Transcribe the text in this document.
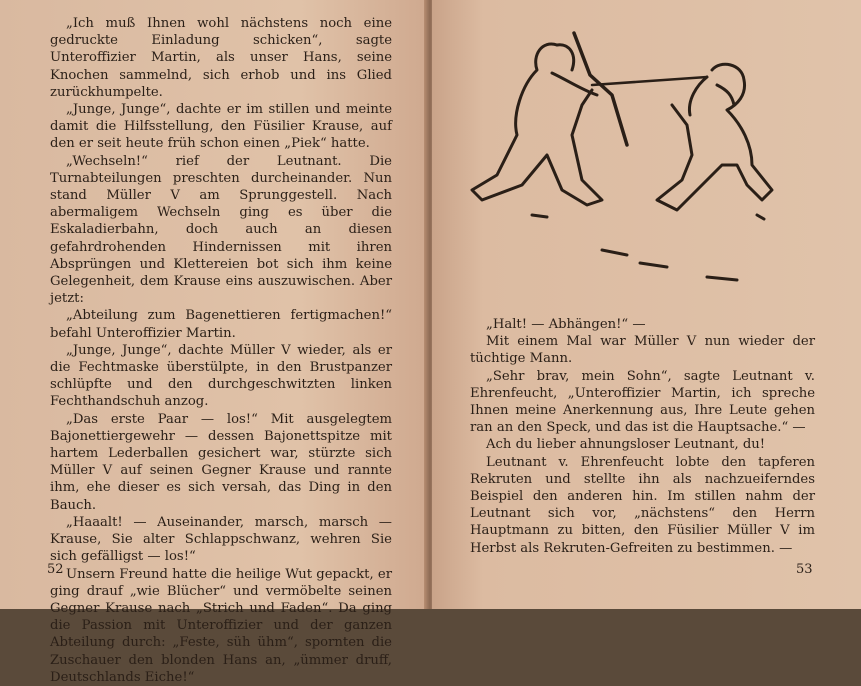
„Ich muß Ihnen wohl nächstens noch eine gedruckte Einladung schicken“, sagte Unteroffizier Martin, als unser Hans, seine Knochen sammelnd, sich erhob und ins Glied zurückhumpelte.

„Junge, Junge“, dachte er im stillen und meinte damit die Hilfsstellung, den Füsilier Krause, auf den er seit heute früh schon einen „Piek“ hatte.

„Wechseln!“ rief der Leutnant. Die Turnabteilungen preschten durcheinander. Nun stand Müller V am Sprunggestell. Nach abermaligem Wechseln ging es über die Eskaladierbahn, doch auch an diesen gefahrdrohenden Hindernissen mit ihren Absprüngen und Klettereien bot sich ihm keine Gelegenheit, dem Krause eins auszuwischen. Aber jetzt:

„Abteilung zum Bagenettieren fertigmachen!“ befahl Unteroffizier Martin.

„Junge, Junge“, dachte Müller V wieder, als er die Fechtmaske überstülpte, in den Brustpanzer schlüpfte und den durchgeschwitzten linken Fechthandschuh anzog.

„Das erste Paar — los!“ Mit ausgelegtem Bajonettiergewehr — dessen Bajonettspitze mit hartem Lederballen gesichert war, stürzte sich Müller V auf seinen Gegner Krause und rannte ihm, ehe dieser es sich versah, das Ding in den Bauch.

„Haaalt! — Auseinander, marsch, marsch — Krause, Sie alter Schlappschwanz, wehren Sie sich gefälligst — los!“

Unsern Freund hatte die heilige Wut gepackt, er ging drauf „wie Blücher“ und vermöbelte seinen Gegner Krause nach „Strich und Faden“. Da ging die Passion mit Unteroffizier und der ganzen Abteilung durch: „Feste, süh ühm“, spornten die Zuschauer den blonden Hans an, „ümmer druff, Deutschlands Eiche!“

52

„Halt! — Abhängen!“ —

Mit einem Mal war Müller V nun wieder der tüchtige Mann.

„Sehr brav, mein Sohn“, sagte Leutnant v. Ehrenfeucht, „Unteroffizier Martin, ich spreche Ihnen meine Anerkennung aus, Ihre Leute gehen ran an den Speck, und das ist die Hauptsache.“ —

Ach du lieber ahnungsloser Leutnant, du!

Leutnant v. Ehrenfeucht lobte den tapferen Rekruten und stellte ihn als nachzueiferndes Beispiel den anderen hin. Im stillen nahm der Leutnant sich vor, „nächstens“ den Herrn Hauptmann zu bitten, den Füsilier Müller V im Herbst als Rekruten-Gefreiten zu bestimmen. —

53
